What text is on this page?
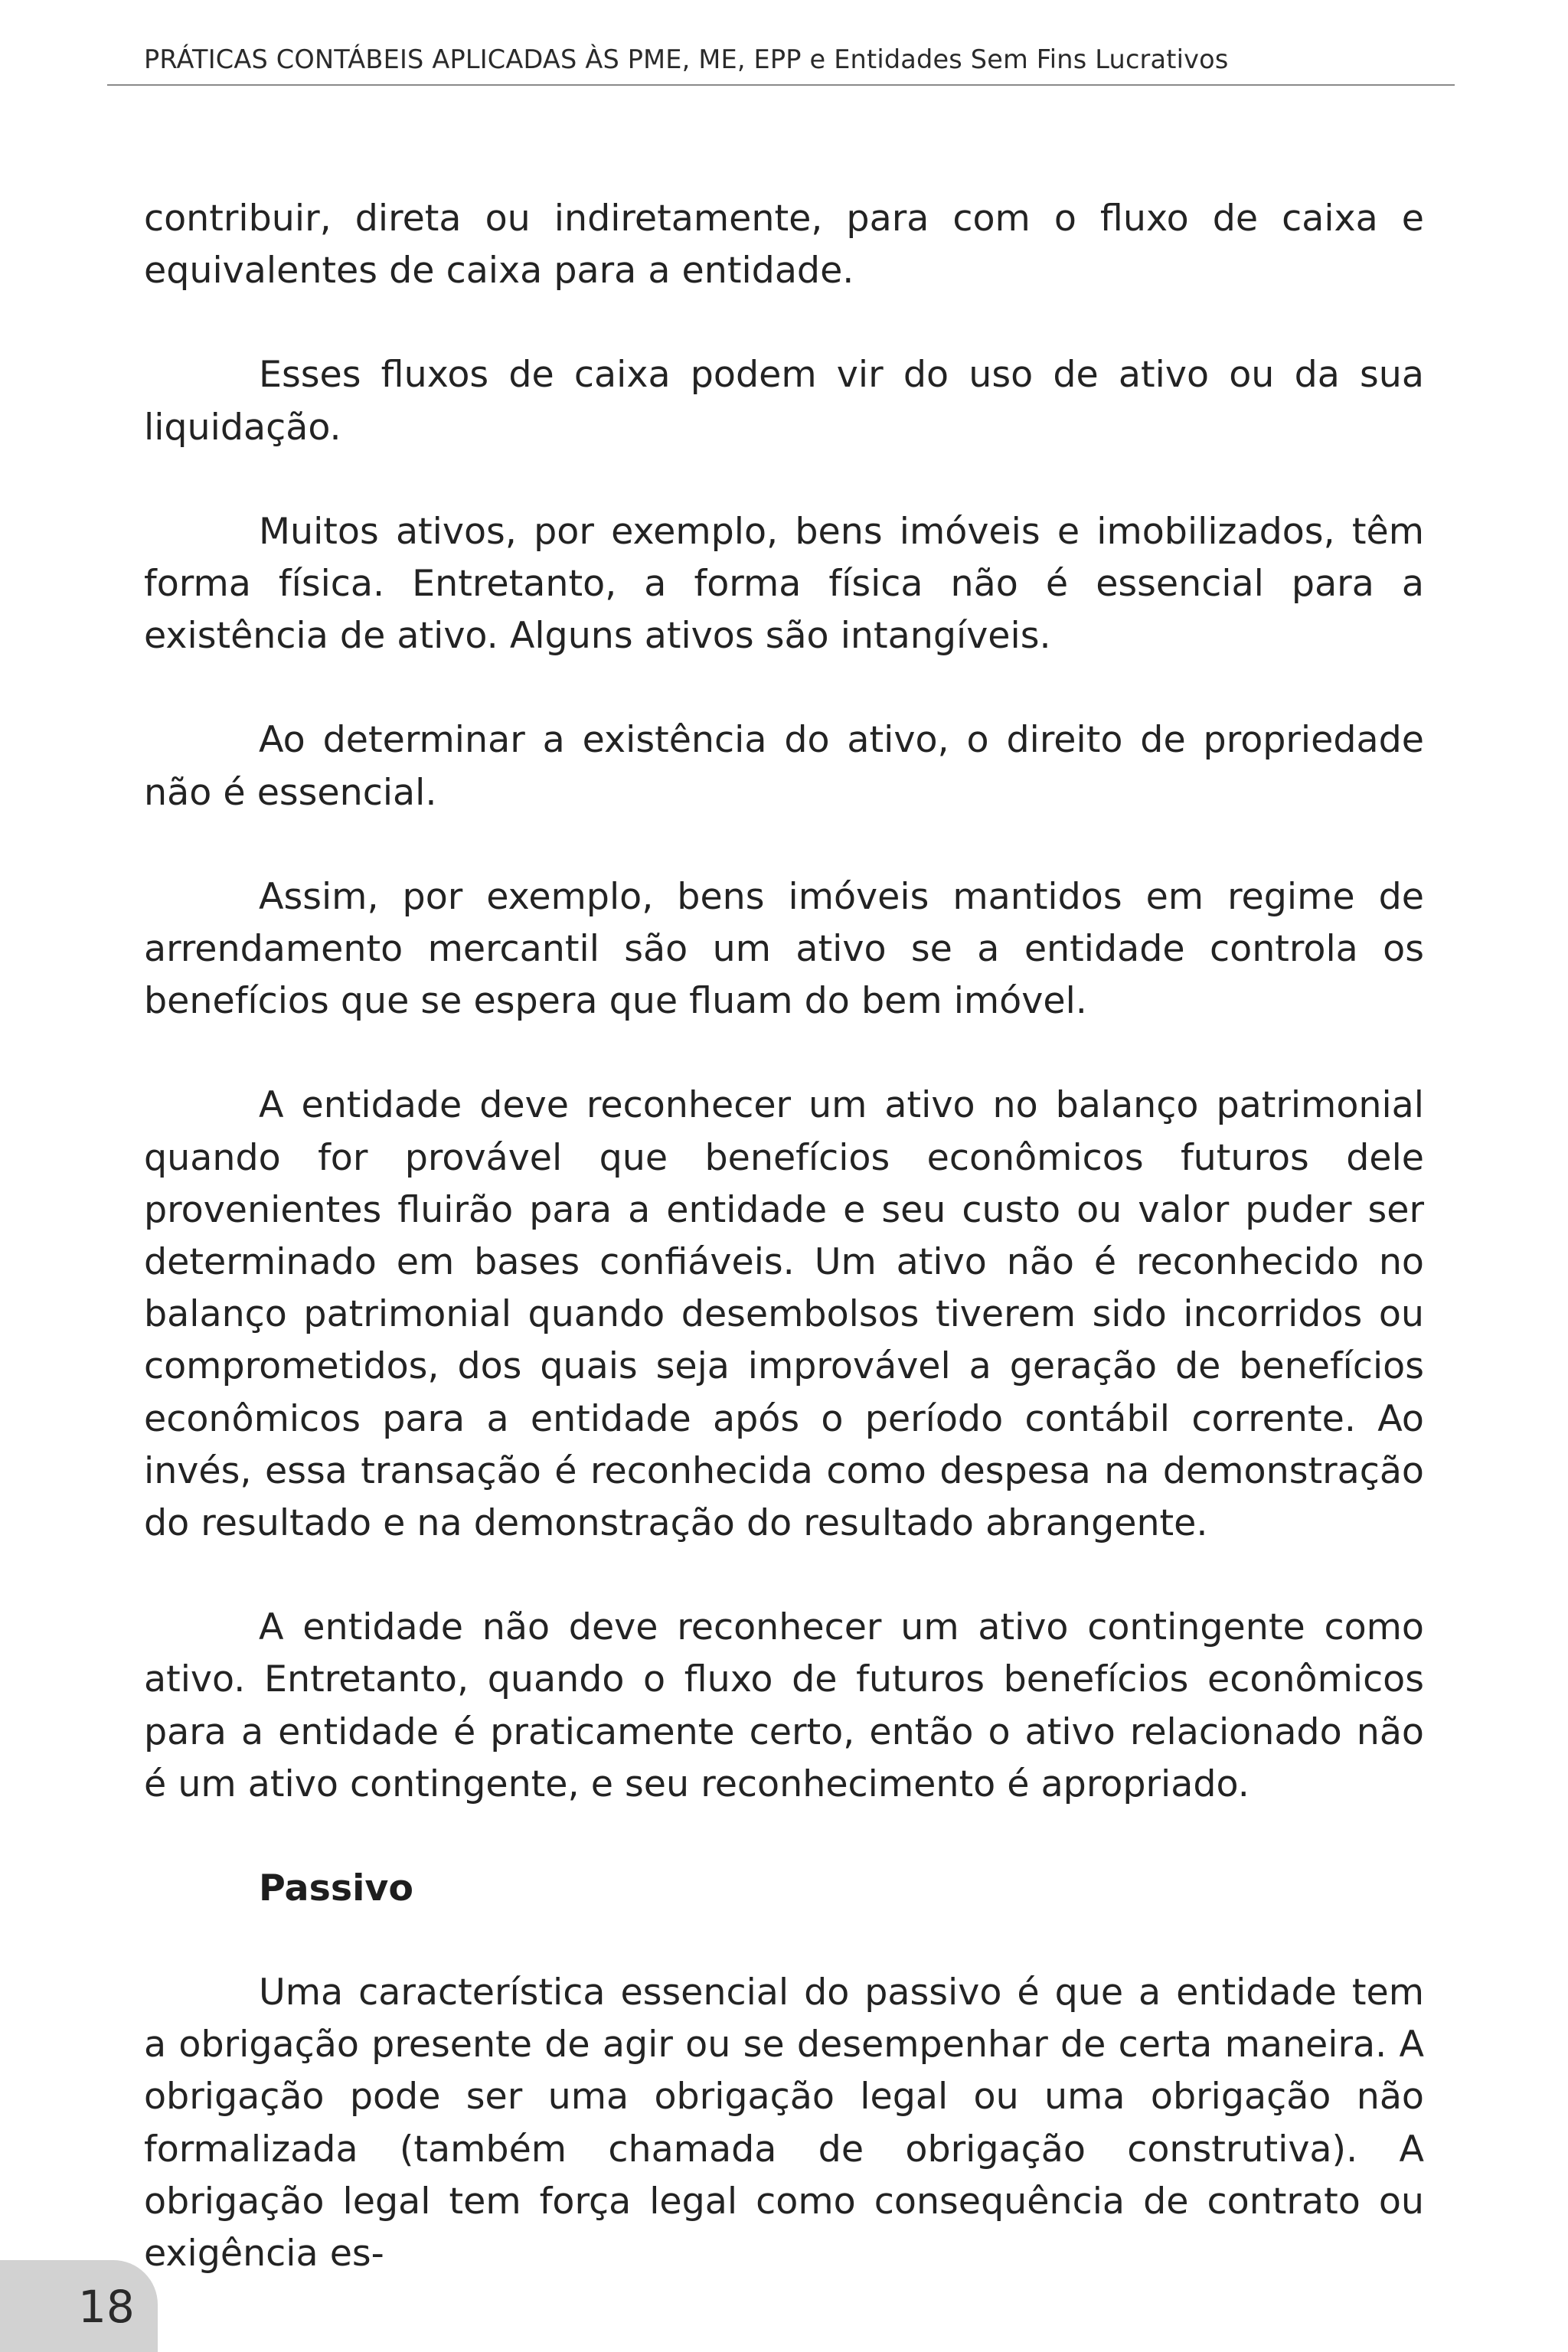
PRÁTICAS CONTÁBEIS APLICADAS ÀS PME, ME, EPP e Entidades Sem Fins Lucrativos

contribuir, direta ou indiretamente, para com o fluxo de caixa e equivalentes de caixa para a entidade.

Esses fluxos de caixa podem vir do uso de ativo ou da sua liquidação.

Muitos ativos, por exemplo, bens imóveis e imobilizados, têm forma física. Entretanto, a forma física não é essencial para a existência de ativo. Alguns ativos são intangíveis.

Ao determinar a existência do ativo, o direito de propriedade não é essencial.

Assim, por exemplo, bens imóveis mantidos em regime de arrendamento mercantil são um ativo se a entidade controla os benefícios que se espera que fluam do bem imóvel.

A entidade deve reconhecer um ativo no balanço patrimonial quando for provável que benefícios econômicos futuros dele provenientes fluirão para a entidade e seu custo ou valor puder ser determinado em bases confiáveis. Um ativo não é reconhecido no balanço patrimonial quando desembolsos tiverem sido incorridos ou comprometidos, dos quais seja improvável a geração de benefícios econômicos para a entidade após o período contábil corrente. Ao invés, essa transação é reconhecida como despesa na demonstração do resultado e na demonstração do resultado abrangente.

A entidade não deve reconhecer um ativo contingente como ativo. Entretanto, quando o fluxo de futuros benefícios econômicos para a entidade é praticamente certo, então o ativo relacionado não é um ativo contingente, e seu reconhecimento é apropriado.

Passivo

Uma característica essencial do passivo é que a entidade tem a obrigação presente de agir ou se desempenhar de certa maneira. A obrigação pode ser uma obrigação legal ou uma obrigação não formalizada (também chamada de obrigação construtiva). A obrigação legal tem força legal como consequência de contrato ou exigência es-

18
